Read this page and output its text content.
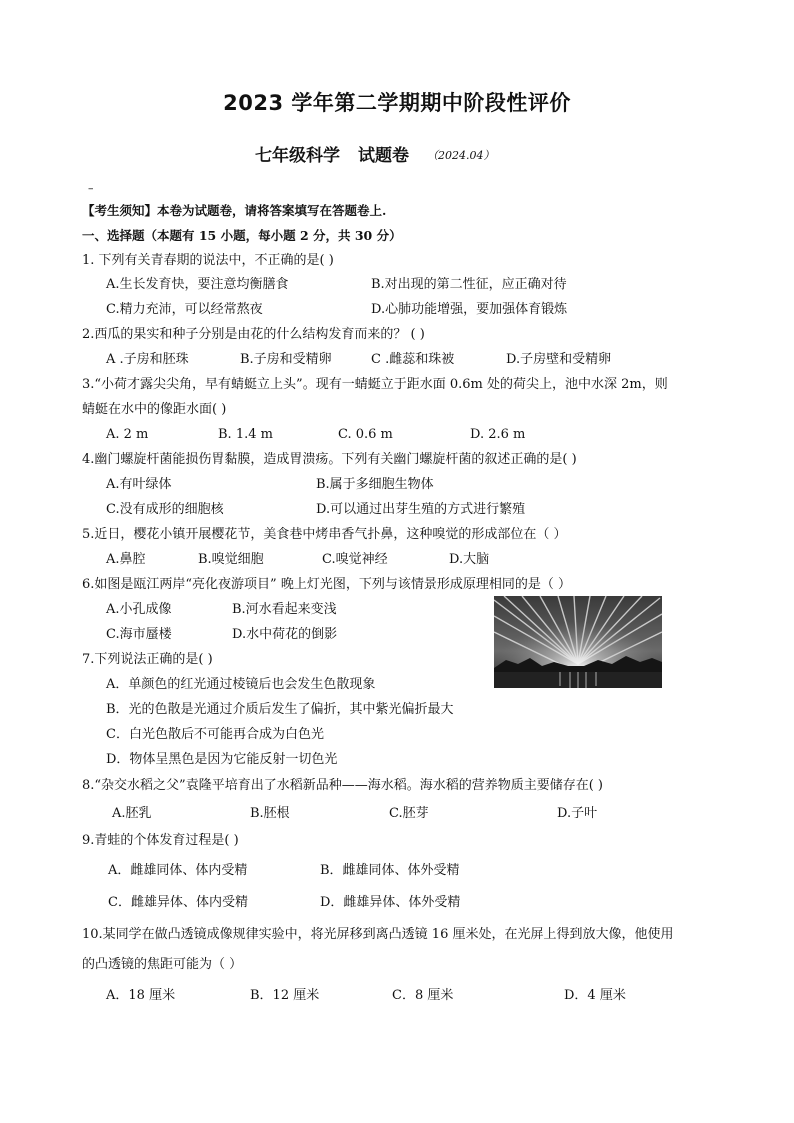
2023 学年第二学期期中阶段性评价
七年级科学 试题卷 （2024.04）
–
【考生须知】本卷为试题卷，请将答案填写在答题卷上.
一、选择题（本题有 15 小题，每小题 2 分，共 30 分）
1. 下列有关青春期的说法中，不正确的是( )
A.生长发育快，要注意均衡膳食	B.对出现的第二性征，应正确对待
C.精力充沛，可以经常熬夜	D.心肺功能增强，要加强体育锻炼
2.西瓜的果实和种子分别是由花的什么结构发育而来的？ ( )
A .子房和胚珠	B.子房和受精卵	C .雌蕊和珠被	D.子房壁和受精卵
3.“小荷才露尖尖角，早有蜻蜓立上头”。现有一蜻蜓立于距水面 0.6m 处的荷尖上，池中水深 2m，则
蜻蜓在水中的像距水面( )
A. 2 m	B. 1.4 m	C. 0.6 m	D. 2.6 m
4.幽门螺旋杆菌能损伤胃黏膜，造成胃溃疡。下列有关幽门螺旋杆菌的叙述正确的是( )
A.有叶绿体	B.属于多细胞生物体
C.没有成形的细胞核	D.可以通过出芽生殖的方式进行繁殖
5.近日，樱花小镇开展樱花节，美食巷中烤串香气扑鼻，这种嗅觉的形成部位在（ ）
A.鼻腔	B.嗅觉细胞	C.嗅觉神经	D.大脑
6.如图是瓯江两岸“亮化夜游项目” 晚上灯光图，下列与该情景形成原理相同的是（ ）
A.小孔成像	B.河水看起来变浅
C.海市蜃楼	D.水中荷花的倒影
7.下列说法正确的是( )
A．单颜色的红光通过棱镜后也会发生色散现象
B．光的色散是光通过介质后发生了偏折，其中紫光偏折最大
C．白光色散后不可能再合成为白色光
D．物体呈黑色是因为它能反射一切色光
8.“杂交水稻之父”袁隆平培育出了水稻新品种——海水稻。海水稻的营养物质主要储存在( )
A.胚乳	B.胚根	C.胚芽	D.子叶
9.青蛙的个体发育过程是( )
A．雌雄同体、体内受精	B．雌雄同体、体外受精
C．雌雄异体、体内受精	D．雌雄异体、体外受精
10.某同学在做凸透镜成像规律实验中，将光屏移到离凸透镜 16 厘米处，在光屏上得到放大像，他使用
的凸透镜的焦距可能为（ ）
A．18 厘米	B．12 厘米	C．8 厘米	D．4 厘米
